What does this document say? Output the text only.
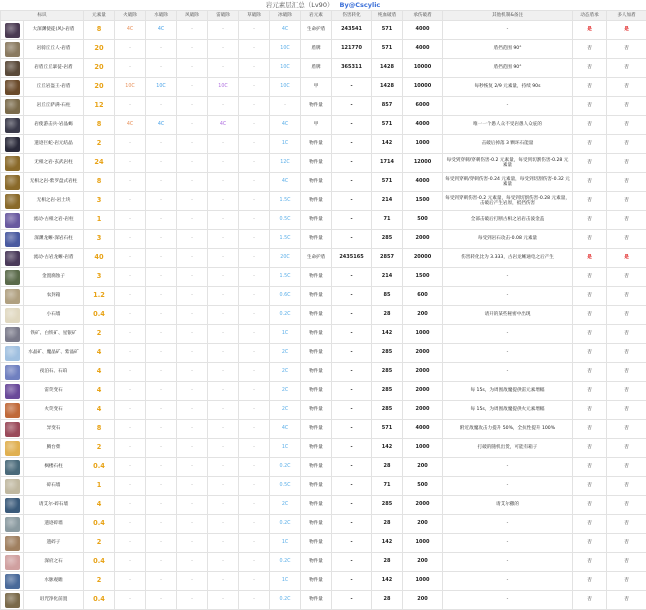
岩元素层汇总（Lv90） By@Cscylic
标识		元素量	火破除	水破除	风破除	雷破除	草破除	冰破除	岩元素	伤害转化	纯血破盾	承伤破盾	其他机制&备注	动态盾承	多人加盾

	大深渊使徒(风)-岩盾	8	4C	4C	-	-	-	4C	生命护盾	243541	571	4000	-	是	是

	岩骑丘丘人-岩盾	20	-	-	-	-	-	10C	盾牌	121770	571	4000	盾挡范围 90°	否	否

	岩盾丘丘暴徒-岩盾	20	-	-	-	-	-	10C	盾牌	365311	1428	10000	盾挡范围 90°	否	否

	丘丘岩盔王-岩盾	20	10C	10C	-	10C	-	10C	甲	-	1428	10000	每秒恢复 2/9 元素量，持续 90s	否	否

	岩丘丘萨满-石柱	12	-	-	-	-	-	-	物件量	-	857	6000	-	否	否

	岩使游击兵-岩晶蝎	8	4C	4C	-	4C	-	4C	甲	-	571	4000	唯一一个愚人众不受岩愚人众庇的	否	否

	遗迹巨蛇-岩元结晶	2	-	-	-	-	-	1C	物件量	-	142	1000	击破后掉落 3 颗环石能量	否	否

	无相之岩-玄武岩柱	24	-	-	-	-	-	12C	物件量	-	1714	12000	每受到穿刺/穿刺伤害-0.2 元素量，每受到切割伤害-0.28 元素量	否	否

	无相之岩-紫罗盘式岩柱	8	-	-	-	-	-	4C	物件量	-	571	4000	每受到穿刺/穿刺伤害-0.24 元素量，每受到切割伤害-0.32 元素量	否	否

	无相之岩-岩土块	3	-	-	-	-	-	1.5C	物件量	-	214	1500	每受到穿刺伤害-0.2 元素量，每受到切割伤害-0.28 元素量，击破后产生岩原，抵挡伤害	否	否

	流动-古相之岩-岩柱	1	-	-	-	-	-	0.5C	物件量	-	71	500	全部击破后打断古相之岩岩击波金盖	否	否

	深渊龙蜥-深岩石柱	3	-	-	-	-	-	1.5C	物件量	-	285	2000	每受到岩石攻击-0.08 元素量	否	否

	流动-古岩龙蜥-岩盾	40	-	-	-	-	-	20C	生命护盾	2435165	2857	20000	伤害转化比为 3.333，古岩龙蜥通电之后产生	是	是

	金置腐蚀子	3	-	-	-	-	-	1.5C	物件量	-	214	1500	-	否	否

	农封箱	1.2	-	-	-	-	-	0.6C	物件量	-	85	600	-	否	否

	小石墙	0.4	-	-	-	-	-	0.2C	物件量	-	28	200	请开的某些秘密中出现	否	否

	铁矿、白铁矿、星银矿	2	-	-	-	-	-	1C	物件量	-	142	1000	-	否	否

	水晶矿、魔晶矿、紫晶矿	4	-	-	-	-	-	2C	物件量	-	285	2000	-	否	否

	夜泊石、石珀	4	-	-	-	-	-	2C	物件量	-	285	2000	-	否	否

	雷荧变石	4	-	-	-	-	-	2C	物件量	-	285	2000	每 15s，为周围敌魔提供雷元素增幅	否	否

	火荧变石	4	-	-	-	-	-	2C	物件量	-	285	2000	每 15s，为周围敌魔提供火元素增幅	否	否

	异变石	8	-	-	-	-	-	4C	物件量	-	571	4000	附近敌魔攻击力提升 50%，全抗性提升 100%	否	否

	腾台柴	2	-	-	-	-	-	1C	物件量	-	142	1000	打破的随机出货，可能有箱子	否	否

	枫楼石柱	0.4	-	-	-	-	-	0.2C	物件量	-	28	200	-	否	否

	碎石墙	1	-	-	-	-	-	0.5C	物件量	-	71	500	-	否	否

	请艾尔-碎石墙	4	-	-	-	-	-	2C	物件量	-	285	2000	请艾尔撒的	否	否

	遗迹碎墙	0.4	-	-	-	-	-	0.2C	物件量	-	28	200	-	否	否

	遗碎子	2	-	-	-	-	-	1C	物件量	-	142	1000	-	否	否

	深府之石	0.4	-	-	-	-	-	0.2C	物件量	-	28	200	-	否	否

	水脉观瞻	2	-	-	-	-	-	1C	物件量	-	142	1000	-	否	否

	诅咒净化前置	0.4	-	-	-	-	-	0.2C	物件量	-	28	200	-	否	否
